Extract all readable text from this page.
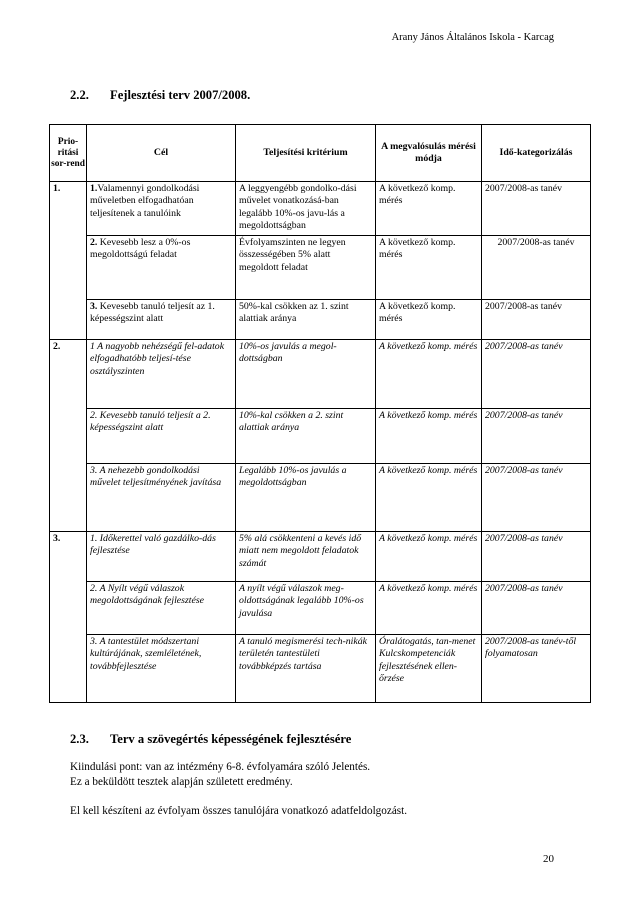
Arany János Általános Iskola - Karcag
2.2. Fejlesztési terv 2007/2008.
Prio-ritási sor-rend	Cél	Teljesítési kritérium	A megvalósulás mérési módja	Idő-kategorizálás
1.	1.Valamennyi gondolkodási műveletben elfogadhatóan teljesítenek a tanulóink	A leggyengébb gondolko-dási művelet vonatkozásá-ban legalább 10%-os javu-lás a megoldottságban	A következő komp. mérés	2007/2008-as tanév
	2. Kevesebb lesz a 0%-os megoldottságú feladat	Évfolyamszinten ne legyen összességében 5% alatt megoldott feladat	A következő komp. mérés	2007/2008-as tanév
	3. Kevesebb tanuló teljesít az 1. képességszint alatt	50%-kal csökken az 1. szint alattiak aránya	A következő komp. mérés	2007/2008-as tanév
2.	1 A nagyobb nehézségű fel-adatok elfogadhatóbb teljesí-tése osztályszinten	10%-os javulás a megol-dottságban	A következő komp. mérés	2007/2008-as tanév
	2. Kevesebb tanuló teljesít a 2. képességszint alatt	10%-kal csökken a 2. szint alattiak aránya	A következő komp. mérés	2007/2008-as tanév
	3. A nehezebb gondolkodási művelet teljesítményének javítása	Legalább 10%-os javulás a megoldottságban	A következő komp. mérés	2007/2008-as tanév
3.	1. Időkerettel való gazdálko-dás fejlesztése	5% alá csökkenteni a kevés idő miatt nem megoldott feladatok számát	A következő komp. mérés	2007/2008-as tanév
	2. A Nyílt végű válaszok megoldottságának fejlesztése	A nyílt végű válaszok meg-oldottságának legalább 10%-os javulása	A következő komp. mérés	2007/2008-as tanév
	3. A tantestület módszertani kultúrájának, szemléletének, továbbfejlesztése	A tanuló megismerési tech-nikák területén tantestületi továbbképzés tartása	Óralátogatás, tan-menet Kulcskompetenciák fejlesztésének ellen-őrzése	2007/2008-as tanév-től folyamatosan
2.3. Terv a szövegértés képességének fejlesztésére
Kiindulási pont: van az intézmény 6-8. évfolyamára szóló Jelentés.
Ez a beküldött tesztek alapján született eredmény.
El kell készíteni az évfolyam összes tanulójára vonatkozó adatfeldolgozást.
20
